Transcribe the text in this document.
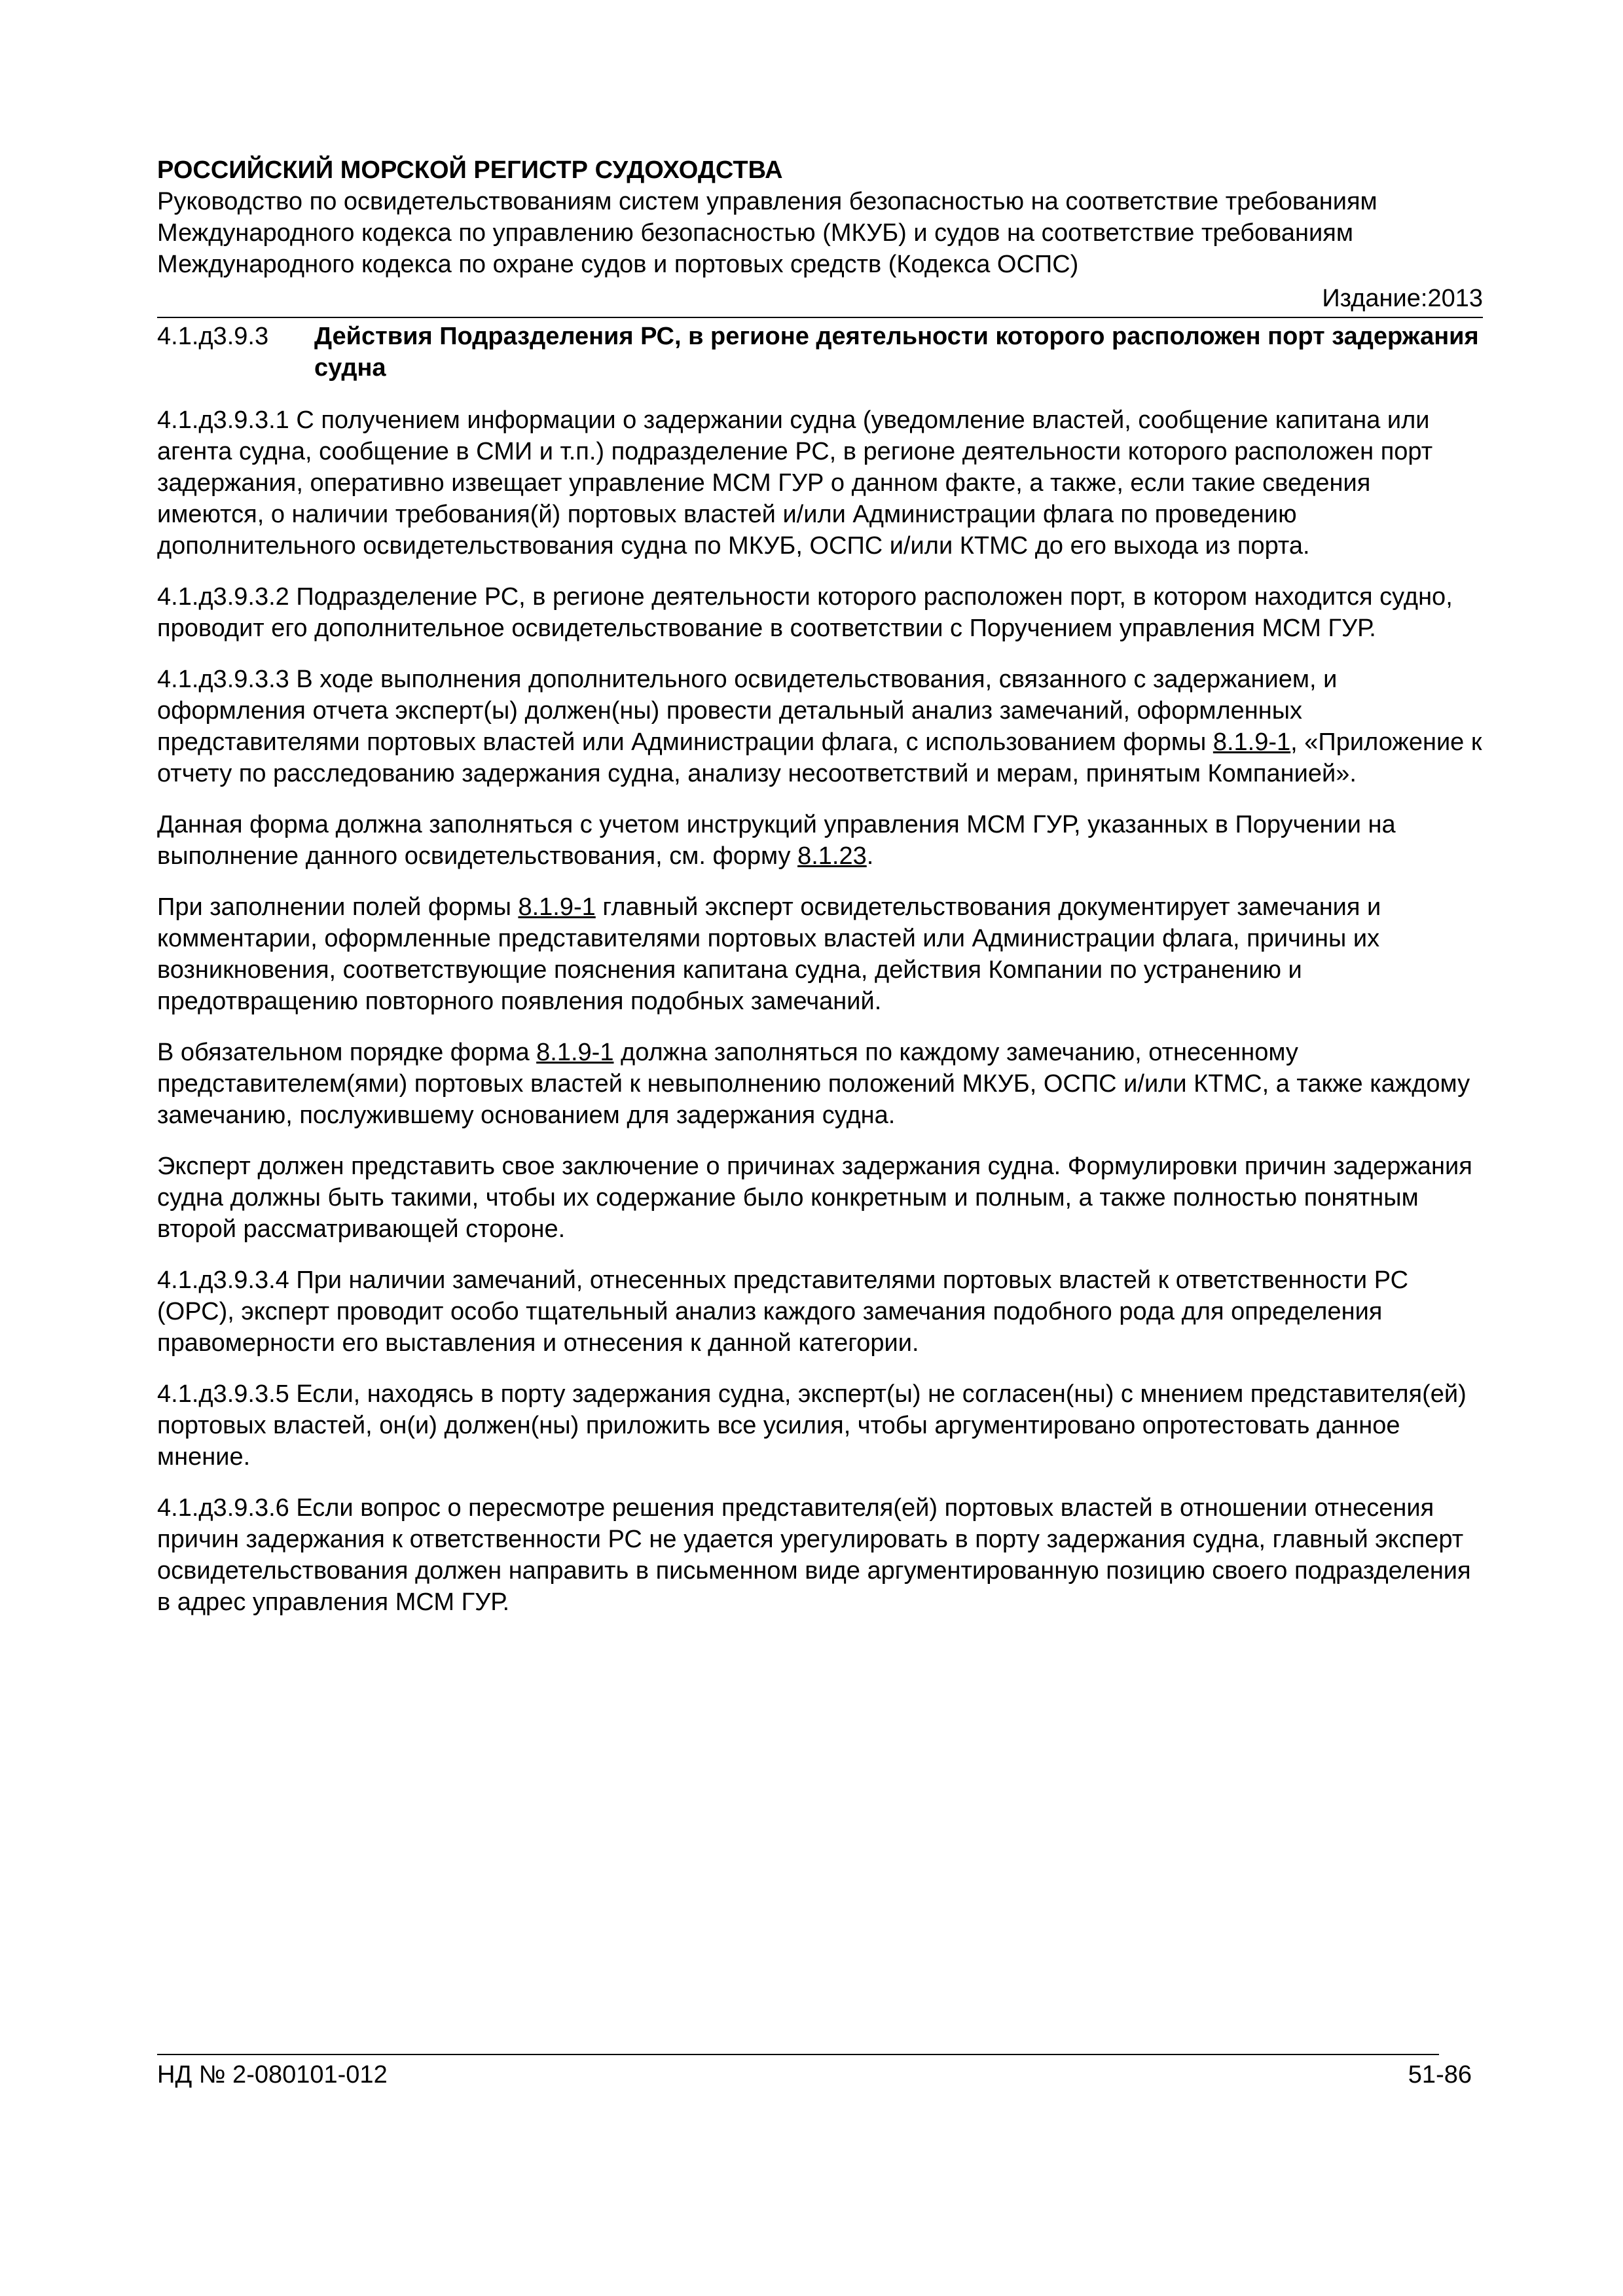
РОССИЙСКИЙ МОРСКОЙ РЕГИСТР СУДОХОДСТВА
Руководство по освидетельствованиям систем управления безопасностью на соответствие требованиям Международного кодекса по управлению безопасностью (МКУБ) и судов на соответствие требованиям Международного кодекса по охране судов и портовых средств (Кодекса ОСПС)
Издание:2013
4.1.д3.9.3 Действия Подразделения РС, в регионе деятельности которого расположен порт задержания судна

4.1.д3.9.3.1 С получением информации о задержании судна (уведомление властей, сообщение капитана или агента судна, сообщение в СМИ и т.п.) подразделение РС, в регионе деятельности которого расположен порт задержания, оперативно извещает управление МСМ ГУР о данном факте, а также, если такие сведения имеются, о наличии требования(й) портовых властей и/или Администрации флага по проведению дополнительного освидетельствования судна по МКУБ, ОСПС и/или КТМС до его выхода из порта.

4.1.д3.9.3.2 Подразделение РС, в регионе деятельности которого расположен порт, в котором находится судно, проводит его дополнительное освидетельствование в соответствии с Поручением управления МСМ ГУР.

4.1.д3.9.3.3 В ходе выполнения дополнительного освидетельствования, связанного с задержанием, и оформления отчета эксперт(ы) должен(ны) провести детальный анализ замечаний, оформленных представителями портовых властей или Администрации флага, с использованием формы 8.1.9-1, «Приложение к отчету по расследованию задержания судна, анализу несоответствий и мерам, принятым Компанией».

Данная форма должна заполняться с учетом инструкций управления МСМ ГУР, указанных в Поручении на выполнение данного освидетельствования, см. форму 8.1.23.

При заполнении полей формы 8.1.9-1 главный эксперт освидетельствования документирует замечания и комментарии, оформленные представителями портовых властей или Администрации флага, причины их возникновения, соответствующие пояснения капитана судна, действия Компании по устранению и предотвращению повторного появления подобных замечаний.

В обязательном порядке форма 8.1.9-1 должна заполняться по каждому замечанию, отнесенному представителем(ями) портовых властей к невыполнению положений МКУБ, ОСПС и/или КТМС, а также каждому замечанию, послужившему основанием для задержания судна.

Эксперт должен представить свое заключение о причинах задержания судна. Формулировки причин задержания судна должны быть такими, чтобы их содержание было конкретным и полным, а также полностью понятным второй рассматривающей стороне.

4.1.д3.9.3.4 При наличии замечаний, отнесенных представителями портовых властей к ответственности РС (ОРС), эксперт проводит особо тщательный анализ каждого замечания подобного рода для определения правомерности его выставления и отнесения к данной категории.

4.1.д3.9.3.5 Если, находясь в порту задержания судна, эксперт(ы) не согласен(ны) с мнением представителя(ей) портовых властей, он(и) должен(ны) приложить все усилия, чтобы аргументировано опротестовать данное мнение.

4.1.д3.9.3.6 Если вопрос о пересмотре решения представителя(ей) портовых властей в отношении отнесения причин задержания к ответственности РС не удается урегулировать в порту задержания судна, главный эксперт освидетельствования должен направить в письменном виде аргументированную позицию своего подразделения в адрес управления МСМ ГУР.

НД № 2-080101-012	51-86
